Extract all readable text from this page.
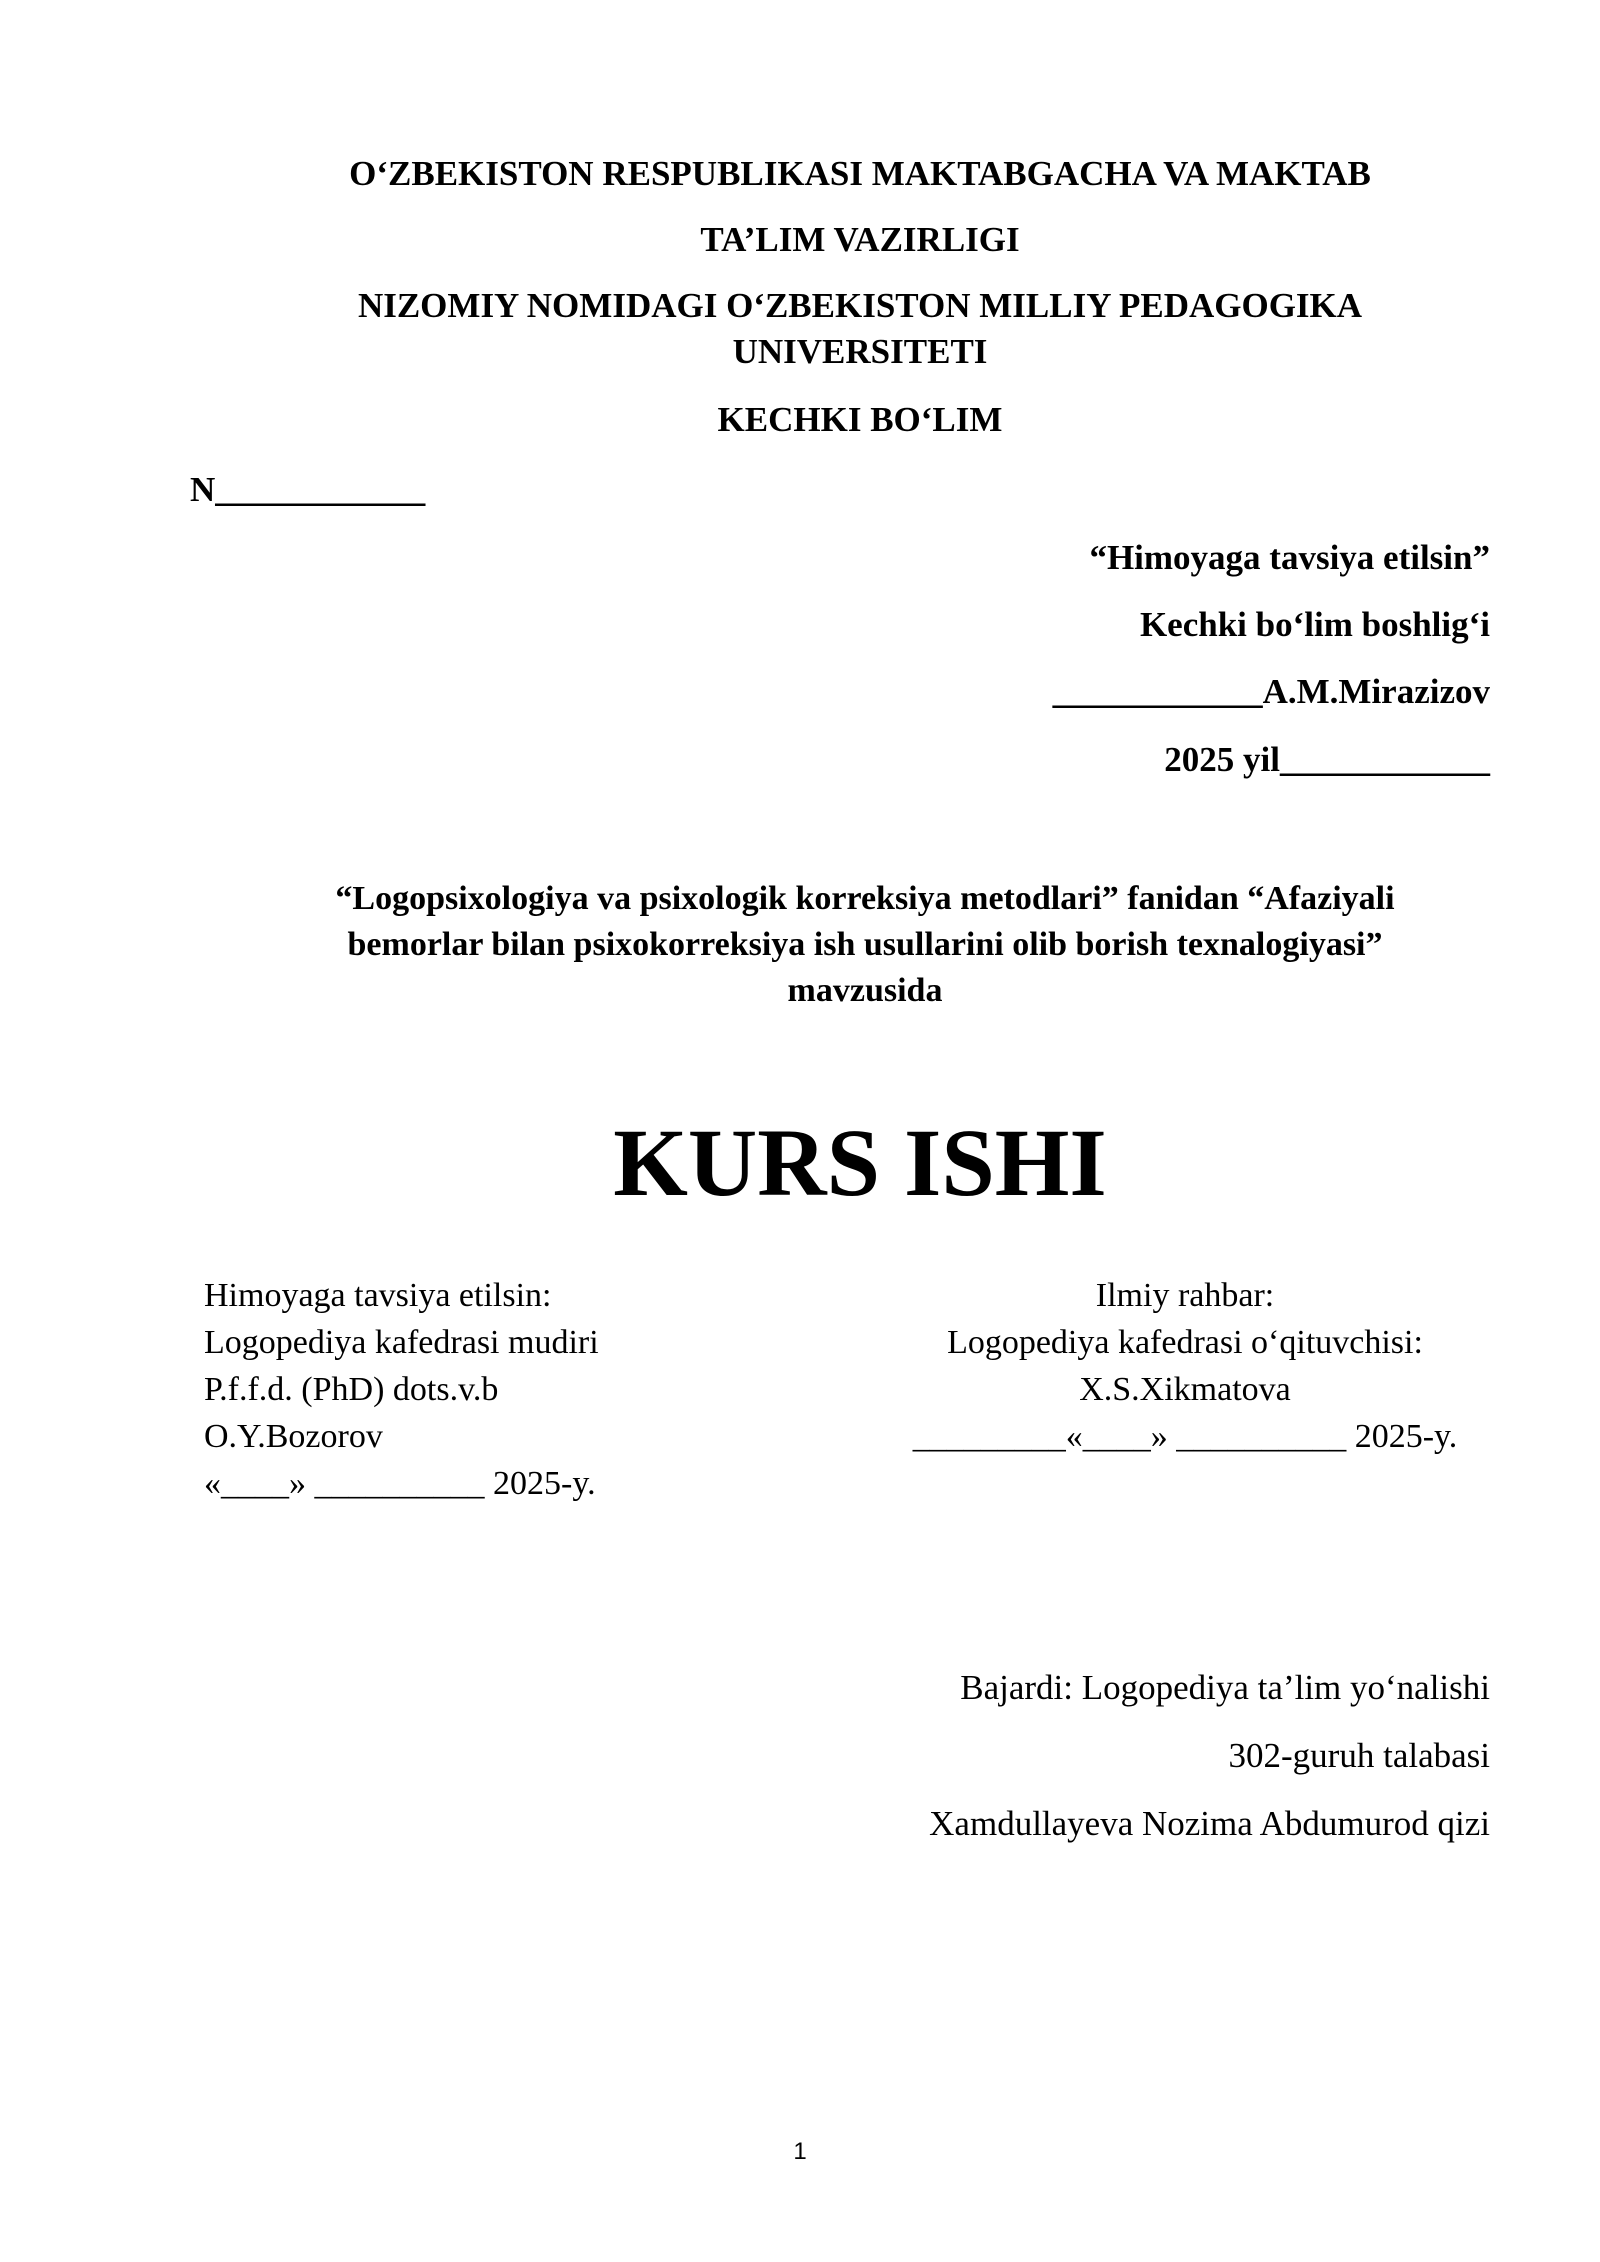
O‘ZBEKISTON RESPUBLIKASI MAKTABGACHA VA MAKTAB
TA’LIM VAZIRLIGI
NIZOMIY NOMIDAGI O‘ZBEKISTON MILLIY PEDAGOGIKA
UNIVERSITETI
KECHKI BO‘LIM
N____________
“Himoyaga tavsiya etilsin”
Kechki bo‘lim boshlig‘i
____________A.M.Mirazizov
2025 yil____________
“Logopsixologiya va psixologik korreksiya metodlari” fanidan “Afaziyali
bemorlar bilan psixokorreksiya ish usullarini olib borish texnalogiyasi”
mavzusida
KURS ISHI
Himoyaga tavsiya etilsin:
Logopediya kafedrasi mudiri
P.f.f.d. (PhD) dots.v.b
O.Y.Bozorov
«____» __________ 2025-y.
Ilmiy rahbar:
Logopediya kafedrasi o‘qituvchisi:
X.S.Xikmatova
_________«____» __________ 2025-y.
Bajardi: Logopediya ta’lim yo‘nalishi
302-guruh talabasi
Xamdullayeva Nozima Abdumurod qizi
1
